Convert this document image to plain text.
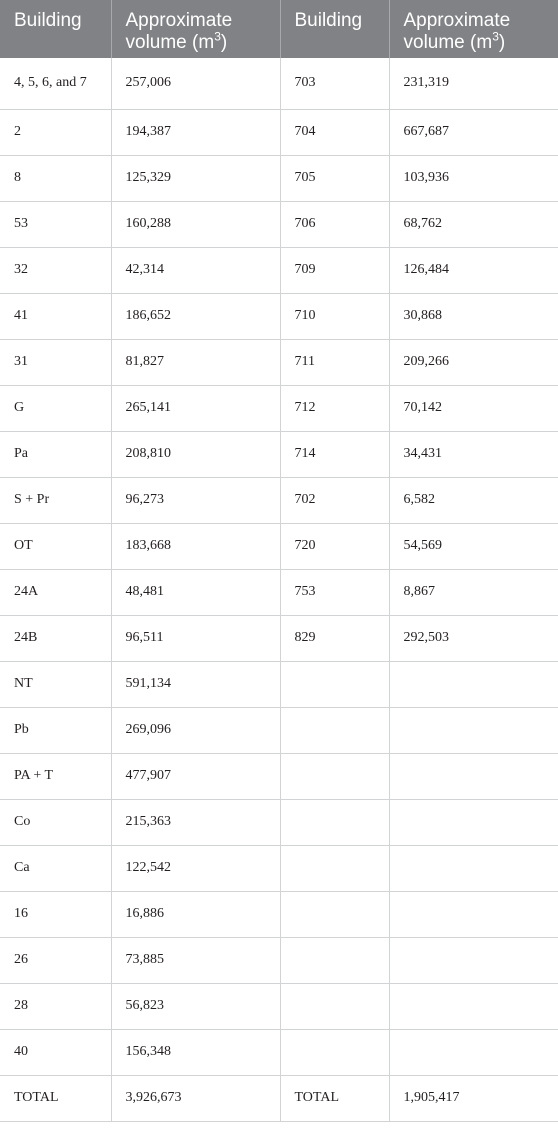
Building	Approximate volume $(m^3)$	Building	Approximate volume $(m^3)$
4, 5, 6, and 7	257,006	703	231,319
2	194,387	704	667,687
8	125,329	705	103,936
53	160,288	706	68,762
32	42,314	709	126,484
41	186,652	710	30,868
31	81,827	711	209,266
G	265,141	712	70,142
Pa	208,810	714	34,431
S + Pr	96,273	702	6,582
OT	183,668	720	54,569
24A	48,481	753	8,867
24B	96,511	829	292,503
NT	591,134		
Pb	269,096		
PA + T	477,907		
Co	215,363		
Ca	122,542		
16	16,886		
26	73,885		
28	56,823		
40	156,348		
TOTAL	3,926,673	TOTAL	1,905,417
